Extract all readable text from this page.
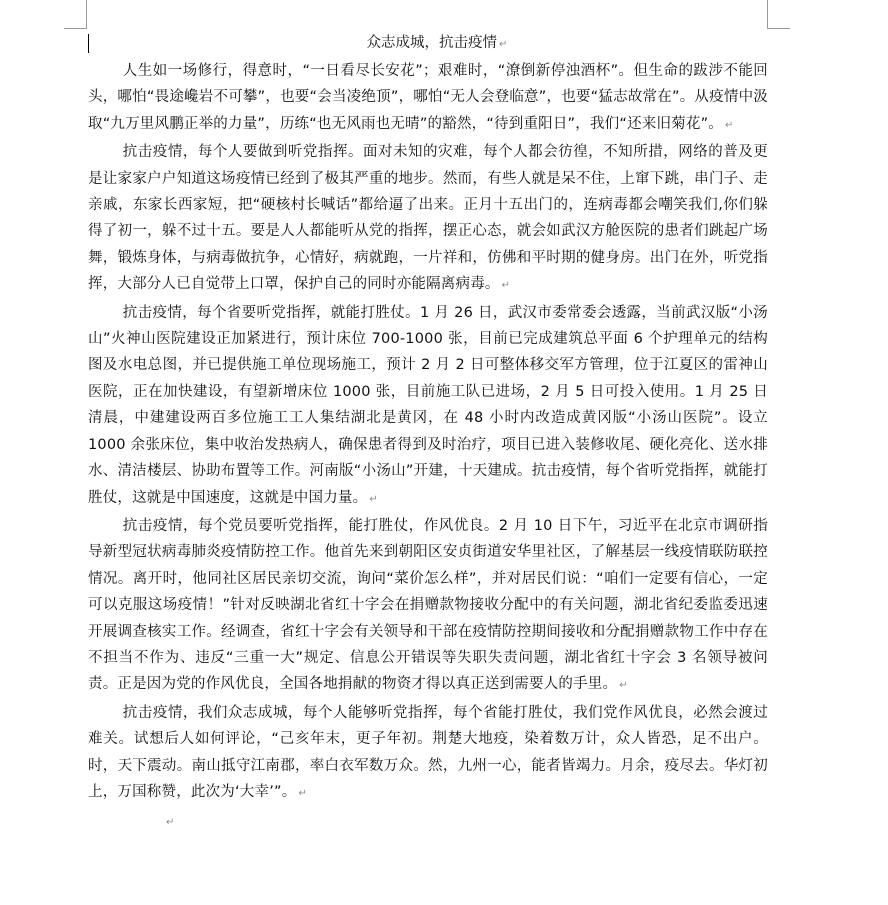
众志成城，抗击疫情 ↵

人生如一场修行，得意时，“一日看尽长安花”；艰难时，“潦倒新停浊酒杯”。但生命的跋涉不能回头，哪怕“畏途巉岩不可攀”，也要“会当凌绝顶”，哪怕“无人会登临意”，也要“猛志故常在”。从疫情中汲取“九万里风鹏正举的力量”，历练“也无风雨也无晴”的豁然，“待到重阳日”，我们“还来旧菊花”。 ↵

抗击疫情，每个人要做到听党指挥。面对未知的灾难，每个人都会彷徨，不知所措，网络的普及更是让家家户户知道这场疫情已经到了极其严重的地步。然而，有些人就是呆不住，上窜下跳，串门子、走亲戚，东家长西家短，把“硬核村长喊话”都给逼了出来。正月十五出门的，连病毒都会嘲笑我们,你们躲得了初一，躲不过十五。要是人人都能听从党的指挥，摆正心态，就会如武汉方舱医院的患者们跳起广场舞，锻炼身体，与病毒做抗争，心情好，病就跑，一片祥和，仿佛和平时期的健身房。出门在外，听党指挥，大部分人已自觉带上口罩，保护自己的同时亦能隔离病毒。 ↵

抗击疫情，每个省要听党指挥，就能打胜仗。1 月 26 日，武汉市委常委会透露，当前武汉版“小汤山”火神山医院建设正加紧进行，预计床位 700-1000 张，目前已完成建筑总平面 6 个护理单元的结构图及水电总图，并已提供施工单位现场施工，预计 2 月 2 日可整体移交军方管理，位于江夏区的雷神山医院，正在加快建设，有望新增床位 1000 张，目前施工队已进场，2 月 5 日可投入使用。1 月 25 日清晨，中建建设两百多位施工工人集结湖北是黄冈，在 48 小时内改造成黄冈版“小汤山医院”。设立 1000 余张床位，集中收治发热病人，确保患者得到及时治疗，项目已进入装修收尾、硬化亮化、送水排水、清洁楼层、协助布置等工作。河南版“小汤山”开建，十天建成。抗击疫情，每个省听党指挥，就能打胜仗，这就是中国速度，这就是中国力量。 ↵

抗击疫情，每个党员要听党指挥，能打胜仗，作风优良。2 月 10 日下午，习近平在北京市调研指导新型冠状病毒肺炎疫情防控工作。他首先来到朝阳区安贞街道安华里社区，了解基层一线疫情联防联控情况。离开时，他同社区居民亲切交流，询问“菜价怎么样”，并对居民们说：“咱们一定要有信心，一定可以克服这场疫情！”针对反映湖北省红十字会在捐赠款物接收分配中的有关问题，湖北省纪委监委迅速开展调查核实工作。经调查，省红十字会有关领导和干部在疫情防控期间接收和分配捐赠款物工作中存在不担当不作为、违反“三重一大”规定、信息公开错误等失职失责问题，湖北省红十字会 3 名领导被问责。正是因为党的作风优良，全国各地捐献的物资才得以真正送到需要人的手里。 ↵

抗击疫情，我们众志成城，每个人能够听党指挥，每个省能打胜仗，我们党作风优良，必然会渡过难关。试想后人如何评论，“己亥年末，更子年初。荆楚大地疫，染着数万计，众人皆恐，足不出户。时，天下震动。南山抵守江南郡，率白衣军数万众。然，九州一心，能者皆竭力。月余，疫尽去。华灯初上，万国称赞，此次为‘大幸’”。 ↵

↵
